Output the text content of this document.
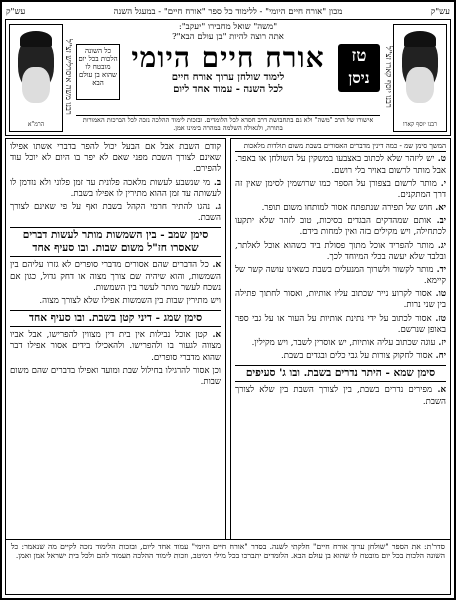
עש"ק
מכון "אורח חיים היומי" - ללימוד כל ספר "אורח חיים" - במעגל השנה
עש"ק
רבנו יוסף קארו
רבנו יוסף קארו זצ"ל
הרמ"א
רבנו משה איסרליש זצ"ל
"משה" שואל מחבירו "יעקב":
אתה רוצה להיות "בן עולם הבא"?
אורח חיים היומי
לימוד שולחן ערוך אורח חיים
לכל השנה - עמוד אחד ליום
טז
ניסן
כל השונה הלכות בכל יום מובטח לו שהוא בן עולם הבא
אישורו של הרב "משה" ולא גם בתחבושת דרב חסדא לכל הלומדים. ובזכות לימוד ההלכה נזכה לכל הברכות האמורות בתורה, ולגאולה השלמה במהרה בימינו אמן.
המשך סימן שמ - כמה דינין מדברים האסורים בשבת משום תולדות מלאכות

ט. יש ליזהר שלא לכתוב באצבעו במשקין על השולחן או באפר. אבל מותר לרשום באויר בלי רושם.

י. מותר לרשום בצפורן על הספר כמו שרושמין לסימן שאין זה דרך המתקנים.

יא. חוש של תפירה שנתפתח אסור למותחו משום תופר.

יב. אותם שמהדקים הבגדים בסיכות, טוב לזהר שלא יתקעו לכתחילה, ויש מקילים בזה ואין למחות בידם.

יג. מותר להפריד אוכל מתוך פסולת ביד כשהוא אוכל לאלתר, ובלבד שלא יעשה בכלי המיוחד לכך.

יד. מותר לקשור ולשרוך המנעלים בשבת כשאינו עושה קשר של קיימא.

טו. אסור לקרוע נייר שכתוב עליו אותיות, ואסור לחתוך פתילה בין שני נרות.

טז. אסור לכתוב על ידי נתינת אותיות על העור או על גבי ספר באופן שנרשם.

יז. עוגה שכתוב עליה אותיות, יש אוסרין לשבר, ויש מקילין.

יח. אסור לחקוק צורות על גבי כלים ובגדים בשבת.

סימן שמא - היתר נדרים בשבת. ובו ג' סעיפים

א. מפירים נדרים בשבת, בין לצורך השבת בין שלא לצורך השבת.

קודם השבת אבל אם הבעל יכול להפר בדברי אשתו אפילו שאינם לצורך השבת מפני שאם לא יפר בו היום לא יוכל עוד להפירם.

ב. מי שנשבע לעשות מלאכה פלונית עד זמן פלוני ולא נזדמן לו לעשותה עד זמן ההוא מתירין לו אפילו בשבת.

ג. נהגו להתיר חרמי הקהל בשבת ואף על פי שאינם לצורך השבת.

סימן שמב - בין השמשות מותר לעשות דברים שאסרו חז"ל משום שבות. ובו סעיף אחד

א. כל הדברים שהם אסורים מדברי סופרים לא גזרו עליהם בין השמשות, והוא שיהיה שם צורך מצוה או דחק גדול, כגון אם נשכח לעשר מותר לעשר בין השמשות.

ויש מתירין שבות בין השמשות אפילו שלא לצורך מצוה.

סימן שמג - דיני קטן בשבת. ובו סעיף אחד

א. קטן אוכל נבילות אין בית דין מצווין להפרישו, אבל אביו מצווה לגעור בו ולהפרישו. ולהאכילו בידים אסור אפילו דבר שהוא מדברי סופרים.

וכן אסור להרגילו בחילול שבת ומועד ואפילו בדברים שהם משום שבות.

סדר'ת: את הספר "שולחן ערוך אורח חיים" חלקתי לשנה. בסדר "אורח חיים היומי" עמוד אחד ליום, ובזכות הלימוד נזכה לקיים מה שנאמר: כל השונה הלכות בכל יום מובטח לו שהוא בן עולם הבא. הלומדים יתברכו בכל מילי דמיטב, וזכות לימוד ההלכה תעמוד להם ולכל בית ישראל אמן ואמן.
